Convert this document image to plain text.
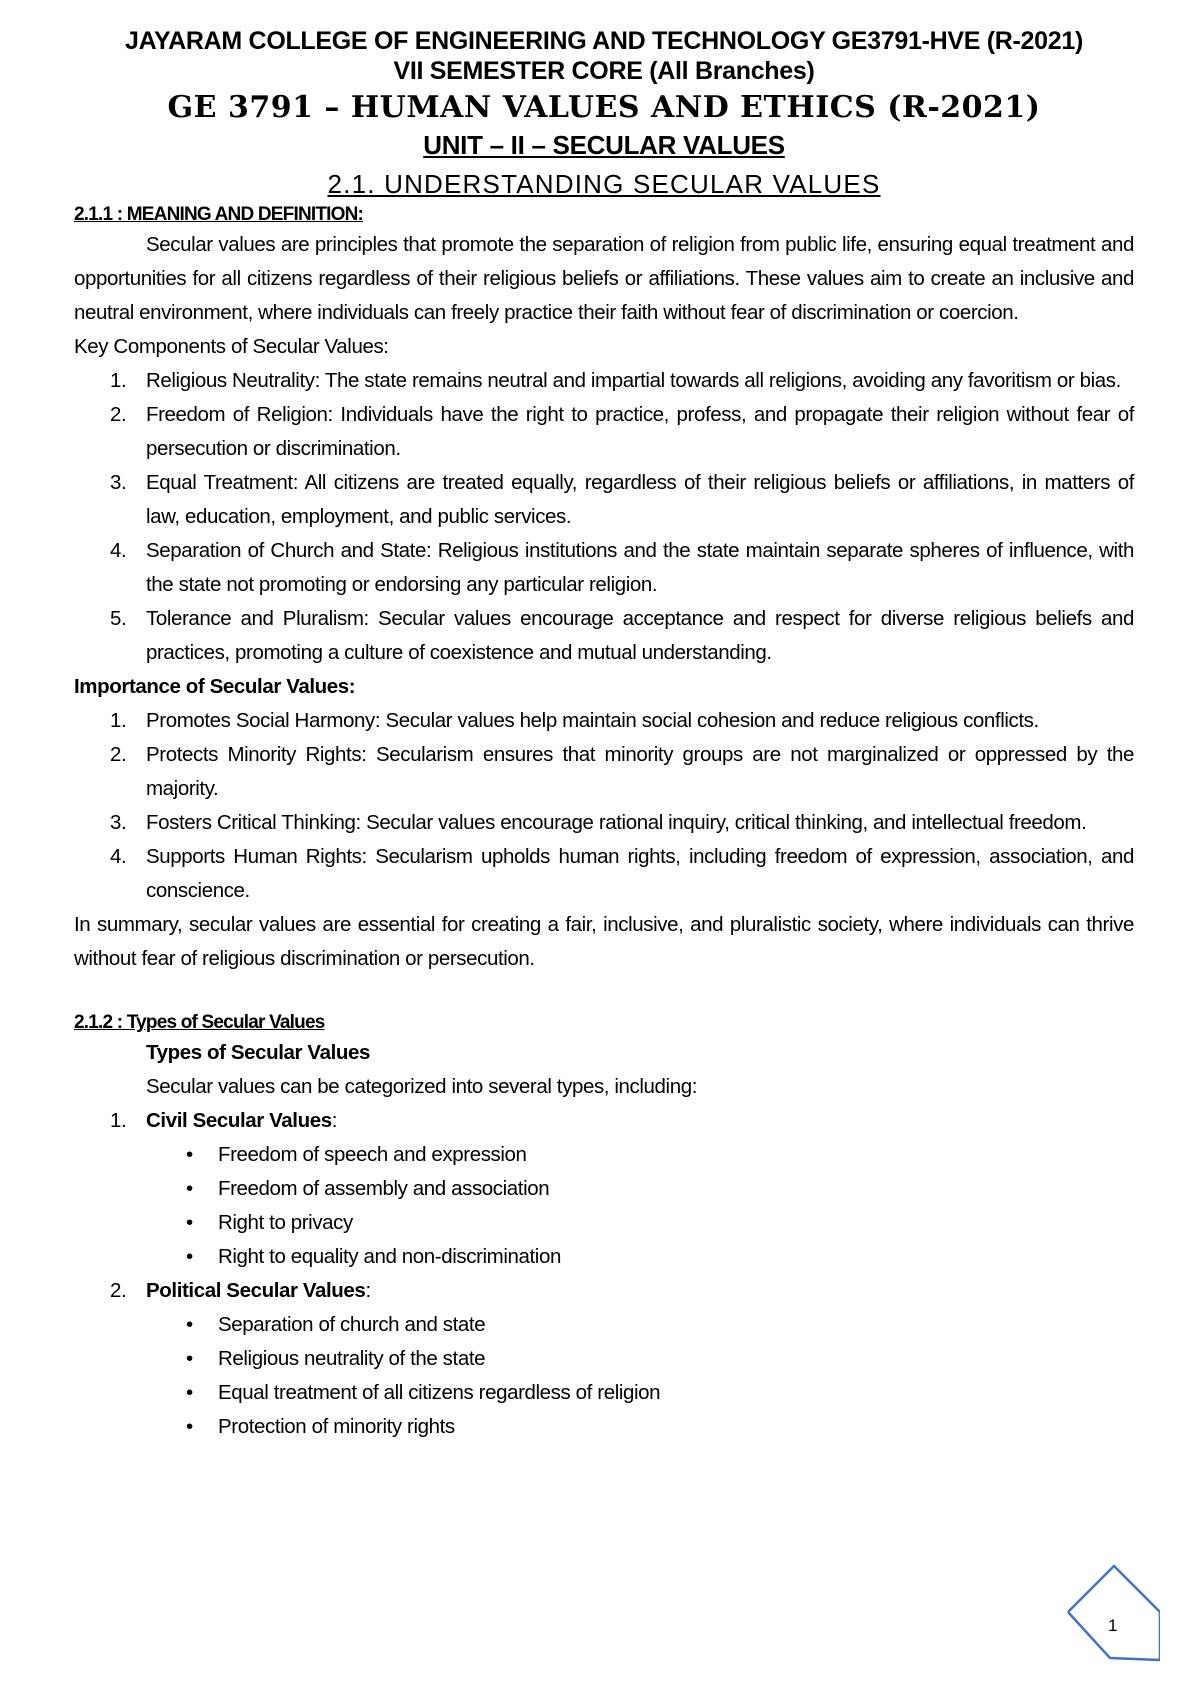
JAYARAM COLLEGE OF ENGINEERING AND TECHNOLOGY GE3791-HVE (R-2021)
VII SEMESTER CORE (All Branches)
GE 3791 – HUMAN VALUES AND ETHICS (R-2021)
UNIT – II – SECULAR VALUES
2.1. UNDERSTANDING SECULAR VALUES
2.1.1 : MEANING AND DEFINITION:

Secular values are principles that promote the separation of religion from public life, ensuring equal treatment and opportunities for all citizens regardless of their religious beliefs or affiliations. These values aim to create an inclusive and neutral environment, where individuals can freely practice their faith without fear of discrimination or coercion.

Key Components of Secular Values:

1. Religious Neutrality: The state remains neutral and impartial towards all religions, avoiding any favoritism or bias.
2. Freedom of Religion: Individuals have the right to practice, profess, and propagate their religion without fear of persecution or discrimination.
3. Equal Treatment: All citizens are treated equally, regardless of their religious beliefs or affiliations, in matters of law, education, employment, and public services.
4. Separation of Church and State: Religious institutions and the state maintain separate spheres of influence, with the state not promoting or endorsing any particular religion.
5. Tolerance and Pluralism: Secular values encourage acceptance and respect for diverse religious beliefs and practices, promoting a culture of coexistence and mutual understanding.

Importance of Secular Values:

1. Promotes Social Harmony: Secular values help maintain social cohesion and reduce religious conflicts.
2. Protects Minority Rights: Secularism ensures that minority groups are not marginalized or oppressed by the majority.
3. Fosters Critical Thinking: Secular values encourage rational inquiry, critical thinking, and intellectual freedom.
4. Supports Human Rights: Secularism upholds human rights, including freedom of expression, association, and conscience.

In summary, secular values are essential for creating a fair, inclusive, and pluralistic society, where individuals can thrive without fear of religious discrimination or persecution.

2.1.2 : Types of Secular Values

Types of Secular Values

Secular values can be categorized into several types, including:

1. Civil Secular Values:
• Freedom of speech and expression
• Freedom of assembly and association
• Right to privacy
• Right to equality and non-discrimination
2. Political Secular Values:
• Separation of church and state
• Religious neutrality of the state
• Equal treatment of all citizens regardless of religion
• Protection of minority rights
1
